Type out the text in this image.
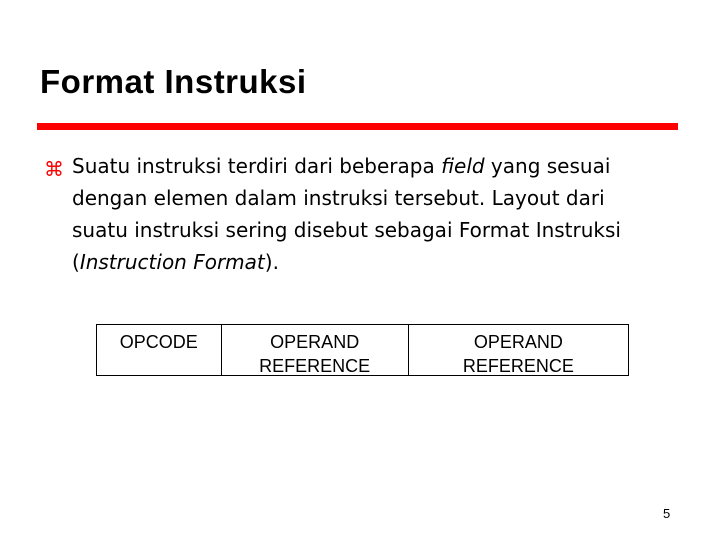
Format Instruksi
⌘ Suatu instruksi terdiri dari beberapa field yang sesuai
dengan elemen dalam instruksi tersebut. Layout dari
suatu instruksi sering disebut sebagai Format Instruksi
(Instruction Format).
OPCODE	OPERAND
REFERENCE
OPERAND
REFERENCE
5
